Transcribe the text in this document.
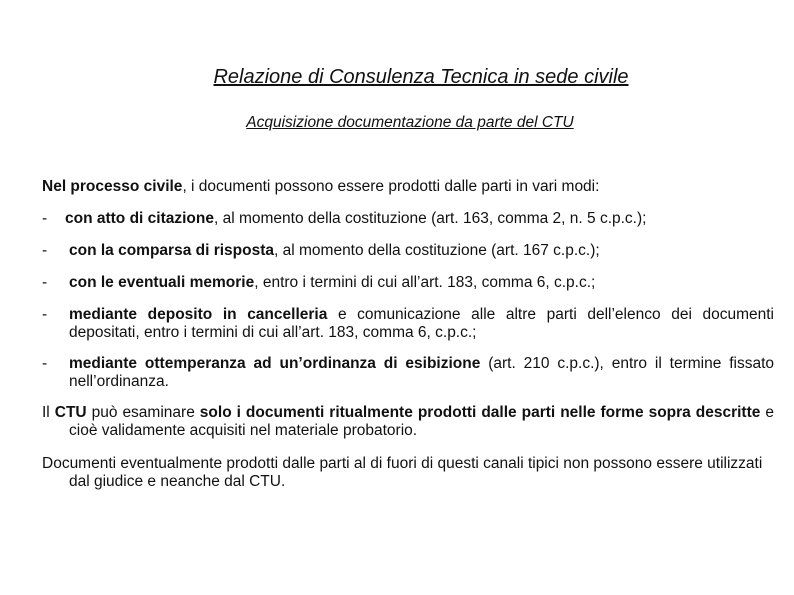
Relazione di Consulenza Tecnica in sede civile
Acquisizione documentazione da parte del CTU
Nel processo civile, i documenti possono essere prodotti dalle parti in vari modi:
- con atto di citazione, al momento della costituzione (art. 163, comma 2, n. 5 c.p.c.);
- con la comparsa di risposta, al momento della costituzione (art. 167 c.p.c.);
- con le eventuali memorie, entro i termini di cui all’art. 183, comma 6, c.p.c.;
- mediante deposito in cancelleria e comunicazione alle altre parti dell’elenco dei documenti depositati, entro i termini di cui all’art. 183, comma 6, c.p.c.;
- mediante ottemperanza ad un’ordinanza di esibizione (art. 210 c.p.c.), entro il termine fissato nell’ordinanza.
Il CTU può esaminare solo i documenti ritualmente prodotti dalle parti nelle forme sopra descritte e cioè validamente acquisiti nel materiale probatorio.
Documenti eventualmente prodotti dalle parti al di fuori di questi canali tipici non possono essere utilizzati dal giudice e neanche dal CTU.
